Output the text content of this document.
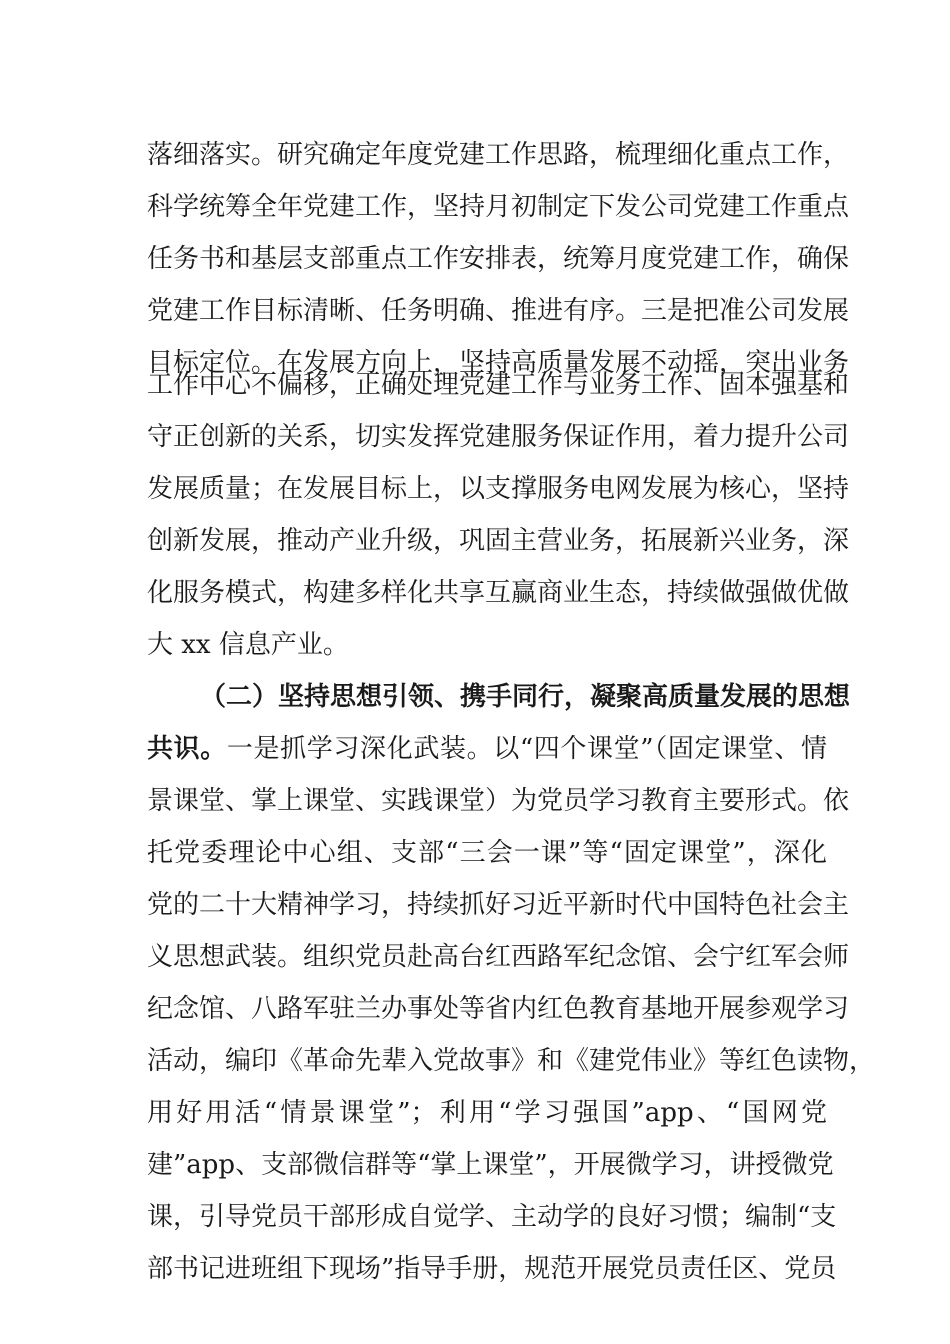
落细落实。研究确定年度党建工作思路，梳理细化重点工作，
科学统筹全年党建工作，坚持月初制定下发公司党建工作重点
任务书和基层支部重点工作安排表，统筹月度党建工作，确保
党建工作目标清晰、任务明确、推进有序。三是把准公司发展
目标定位。在发展方向上，坚持高质量发展不动摇，突出业务
工作中心不偏移，正确处理党建工作与业务工作、固本强基和
守正创新的关系，切实发挥党建服务保证作用，着力提升公司
发展质量；在发展目标上，以支撑服务电网发展为核心，坚持
创新发展，推动产业升级，巩固主营业务，拓展新兴业务，深
化服务模式，构建多样化共享互赢商业生态，持续做强做优做
大 xx 信息产业。
（二）坚持思想引领、携手同行，凝聚高质量发展的思想
共识。一是抓学习深化武装。以“四个课堂”（固定课堂、情
景课堂、掌上课堂、实践课堂）为党员学习教育主要形式。依
托党委理论中心组、支部“三会一课”等“固定课堂”，深化
党的二十大精神学习，持续抓好习近平新时代中国特色社会主
义思想武装。组织党员赴高台红西路军纪念馆、会宁红军会师
纪念馆、八路军驻兰办事处等省内红色教育基地开展参观学习
活动，编印《革命先辈入党故事》和《建党伟业》等红色读物，
用好用活“情景课堂”；利用“学习强国”app、“国网党
建”app、支部微信群等“掌上课堂”，开展微学习，讲授微党
课，引导党员干部形成自觉学、主动学的良好习惯；编制“支
部书记进班组下现场”指导手册，规范开展党员责任区、党员
